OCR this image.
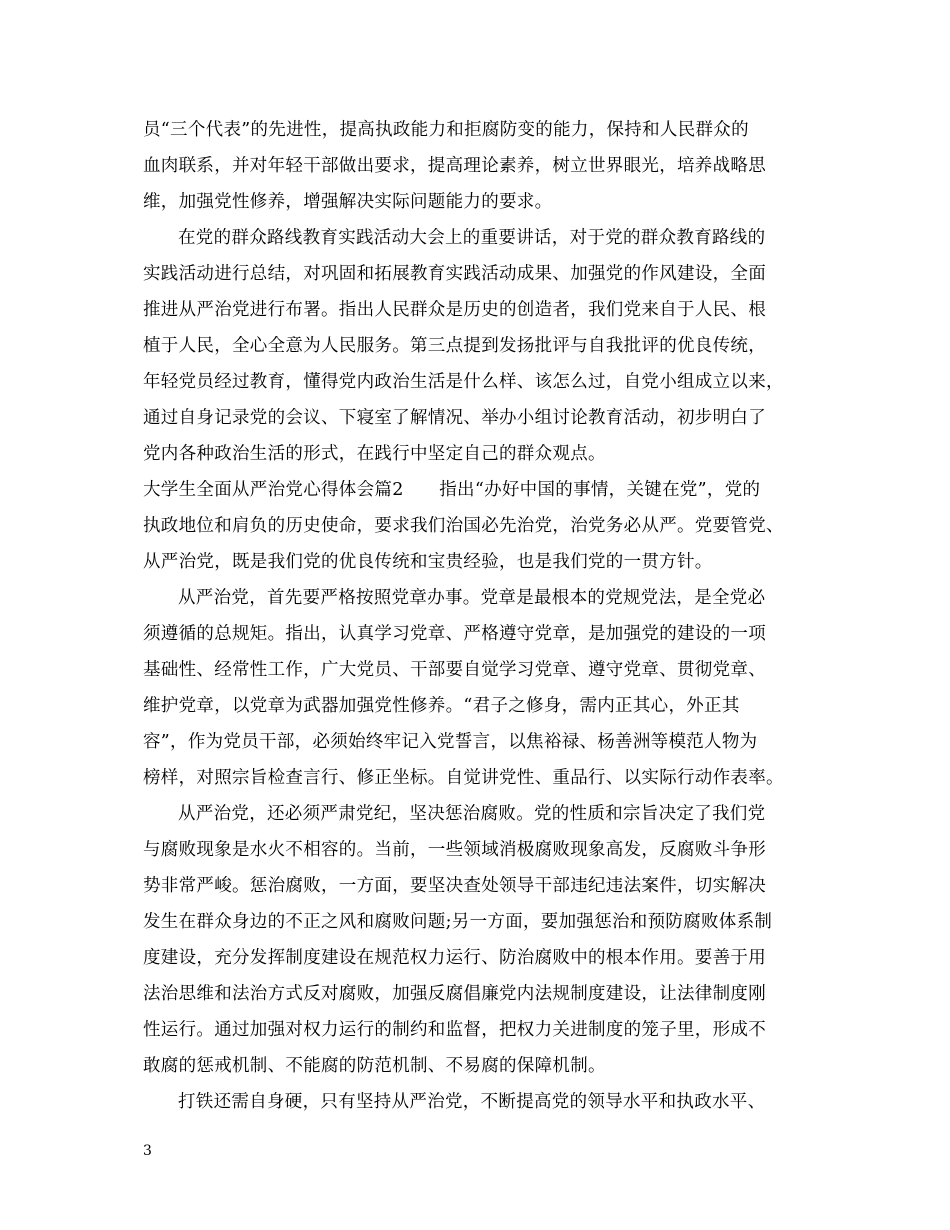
员“三个代表”的先进性，提高执政能力和拒腐防变的能力，保持和人民群众的
血肉联系，并对年轻干部做出要求，提高理论素养，树立世界眼光，培养战略思
维，加强党性修养，增强解决实际问题能力的要求。
在党的群众路线教育实践活动大会上的重要讲话，对于党的群众教育路线的
实践活动进行总结，对巩固和拓展教育实践活动成果、加强党的作风建设，全面
推进从严治党进行布署。指出人民群众是历史的创造者，我们党来自于人民、根
植于人民，全心全意为人民服务。第三点提到发扬批评与自我批评的优良传统，
年轻党员经过教育，懂得党内政治生活是什么样、该怎么过，自党小组成立以来，
通过自身记录党的会议、下寝室了解情况、举办小组讨论教育活动，初步明白了
党内各种政治生活的形式，在践行中坚定自己的群众观点。
大学生全面从严治党心得体会篇2　　指出“办好中国的事情，关键在党”，党的
执政地位和肩负的历史使命，要求我们治国必先治党，治党务必从严。党要管党、
从严治党，既是我们党的优良传统和宝贵经验，也是我们党的一贯方针。
从严治党，首先要严格按照党章办事。党章是最根本的党规党法，是全党必
须遵循的总规矩。指出，认真学习党章、严格遵守党章，是加强党的建设的一项
基础性、经常性工作，广大党员、干部要自觉学习党章、遵守党章、贯彻党章、
维护党章，以党章为武器加强党性修养。“君子之修身，需内正其心，外正其
容”，作为党员干部，必须始终牢记入党誓言，以焦裕禄、杨善洲等模范人物为
榜样，对照宗旨检查言行、修正坐标。自觉讲党性、重品行、以实际行动作表率。
从严治党，还必须严肃党纪，坚决惩治腐败。党的性质和宗旨决定了我们党
与腐败现象是水火不相容的。当前，一些领域消极腐败现象高发，反腐败斗争形
势非常严峻。惩治腐败，一方面，要坚决查处领导干部违纪违法案件，切实解决
发生在群众身边的不正之风和腐败问题;另一方面，要加强惩治和预防腐败体系制
度建设，充分发挥制度建设在规范权力运行、防治腐败中的根本作用。要善于用
法治思维和法治方式反对腐败，加强反腐倡廉党内法规制度建设，让法律制度刚
性运行。通过加强对权力运行的制约和监督，把权力关进制度的笼子里，形成不
敢腐的惩戒机制、不能腐的防范机制、不易腐的保障机制。
打铁还需自身硬，只有坚持从严治党，不断提高党的领导水平和执政水平、
3
